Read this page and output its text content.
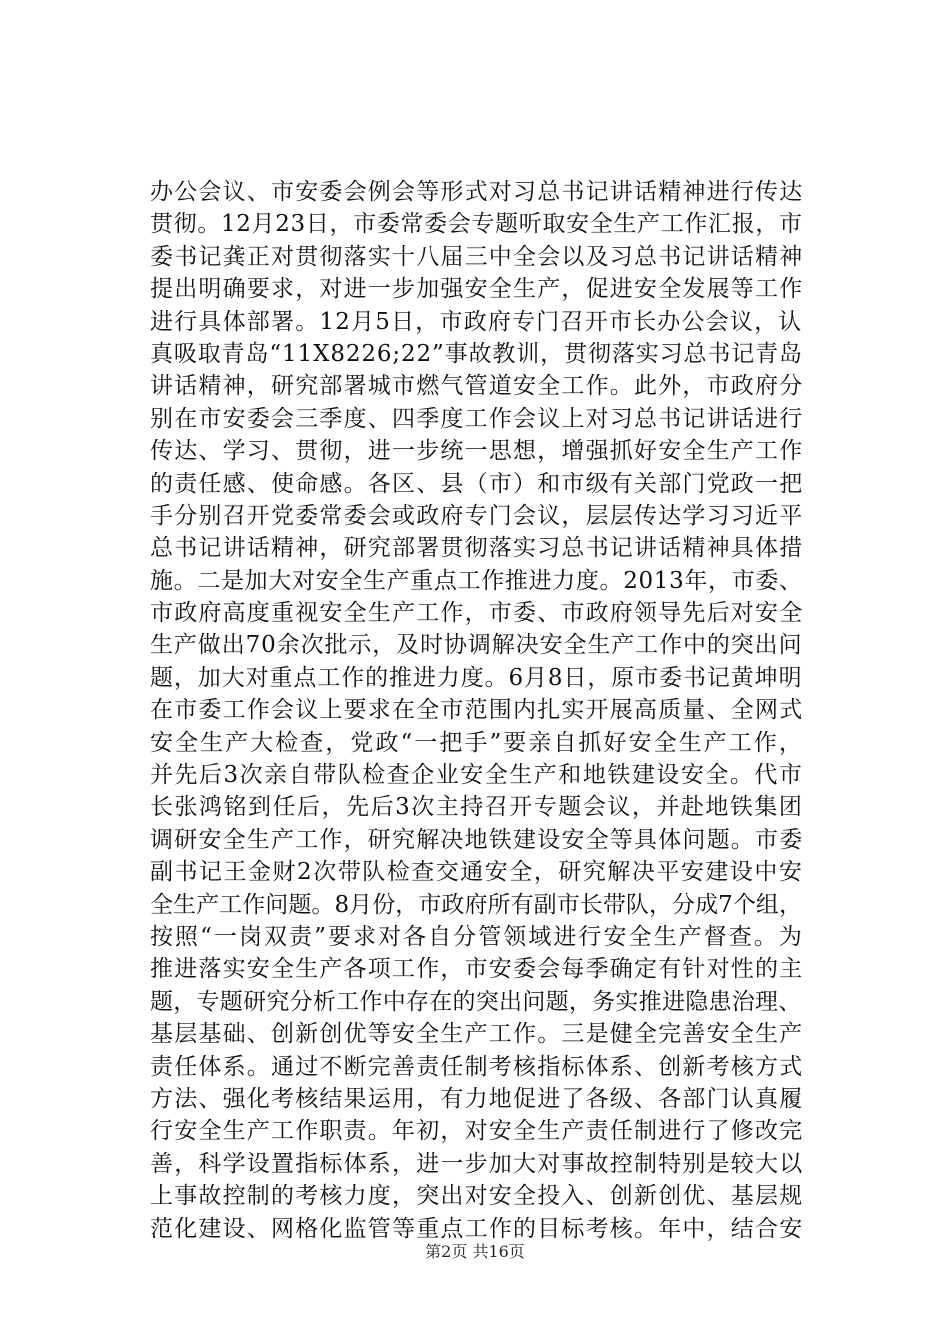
办公会议、市安委会例会等形式对习总书记讲话精神进行传达
贯彻。12月23日，市委常委会专题听取安全生产工作汇报，市
委书记龚正对贯彻落实十八届三中全会以及习总书记讲话精神
提出明确要求，对进一步加强安全生产，促进安全发展等工作
进行具体部署。12月5日，市政府专门召开市长办公会议，认
真吸取青岛“11X8226;22”事故教训，贯彻落实习总书记青岛
讲话精神，研究部署城市燃气管道安全工作。此外，市政府分
别在市安委会三季度、四季度工作会议上对习总书记讲话进行
传达、学习、贯彻，进一步统一思想，增强抓好安全生产工作
的责任感、使命感。各区、县（市）和市级有关部门党政一把
手分别召开党委常委会或政府专门会议，层层传达学习习近平
总书记讲话精神，研究部署贯彻落实习总书记讲话精神具体措
施。二是加大对安全生产重点工作推进力度。2013年，市委、
市政府高度重视安全生产工作，市委、市政府领导先后对安全
生产做出70余次批示，及时协调解决安全生产工作中的突出问
题，加大对重点工作的推进力度。6月8日，原市委书记黄坤明
在市委工作会议上要求在全市范围内扎实开展高质量、全网式
安全生产大检查，党政“一把手”要亲自抓好安全生产工作，
并先后3次亲自带队检查企业安全生产和地铁建设安全。代市
长张鸿铭到任后，先后3次主持召开专题会议，并赴地铁集团
调研安全生产工作，研究解决地铁建设安全等具体问题。市委
副书记王金财2次带队检查交通安全，研究解决平安建设中安
全生产工作问题。8月份，市政府所有副市长带队，分成7个组，
按照“一岗双责”要求对各自分管领域进行安全生产督查。为
推进落实安全生产各项工作，市安委会每季确定有针对性的主
题，专题研究分析工作中存在的突出问题，务实推进隐患治理、
基层基础、创新创优等安全生产工作。三是健全完善安全生产
责任体系。通过不断完善责任制考核指标体系、创新考核方式
方法、强化考核结果运用，有力地促进了各级、各部门认真履
行安全生产工作职责。年初，对安全生产责任制进行了修改完
善，科学设置指标体系，进一步加大对事故控制特别是较大以
上事故控制的考核力度，突出对安全投入、创新创优、基层规
范化建设、网格化监管等重点工作的目标考核。年中，结合安
第2页 共16页
